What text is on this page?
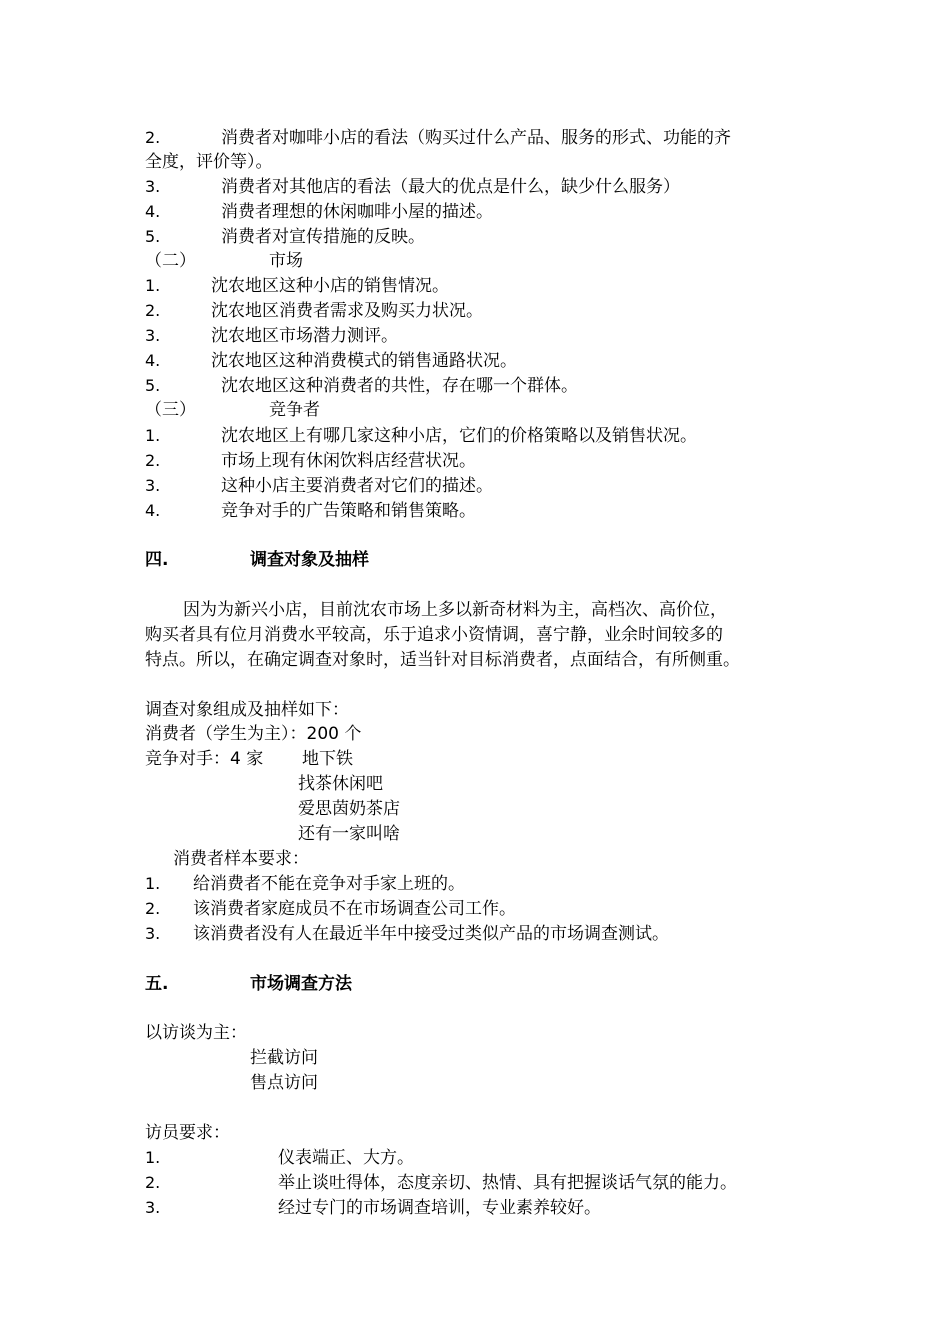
2.	消费者对咖啡小店的看法（购买过什么产品、服务的形式、功能的齐
全度，评价等）。
3.	消费者对其他店的看法（最大的优点是什么，缺少什么服务）
4.	消费者理想的休闲咖啡小屋的描述。
5.	消费者对宣传措施的反映。
（二）	市场
1.	沈农地区这种小店的销售情况。
2.	沈农地区消费者需求及购买力状况。
3.	沈农地区市场潜力测评。
4.	沈农地区这种消费模式的销售通路状况。
5.	沈农地区这种消费者的共性，存在哪一个群体。
（三）	竞争者
1.	沈农地区上有哪几家这种小店，它们的价格策略以及销售状况。
2.	市场上现有休闲饮料店经营状况。
3.	这种小店主要消费者对它们的描述。
4.	竞争对手的广告策略和销售策略。
四.	调查对象及抽样
因为为新兴小店，目前沈农市场上多以新奇材料为主，高档次、高价位，
购买者具有位月消费水平较高，乐于追求小资情调，喜宁静，业余时间较多的
特点。所以，在确定调查对象时，适当针对目标消费者，点面结合，有所侧重。
调查对象组成及抽样如下：
消费者（学生为主）：200 个
竞争对手：4 家 地下铁
找茶休闲吧
爱思茵奶茶店
还有一家叫啥
消费者样本要求：
1. 给消费者不能在竞争对手家上班的。
2. 该消费者家庭成员不在市场调查公司工作。
3. 该消费者没有人在最近半年中接受过类似产品的市场调查测试。
五.	市场调查方法
以访谈为主：
拦截访问
售点访问
访员要求：
1.	仪表端正、大方。
2.	举止谈吐得体，态度亲切、热情、具有把握谈话气氛的能力。
3.	经过专门的市场调查培训，专业素养较好。
